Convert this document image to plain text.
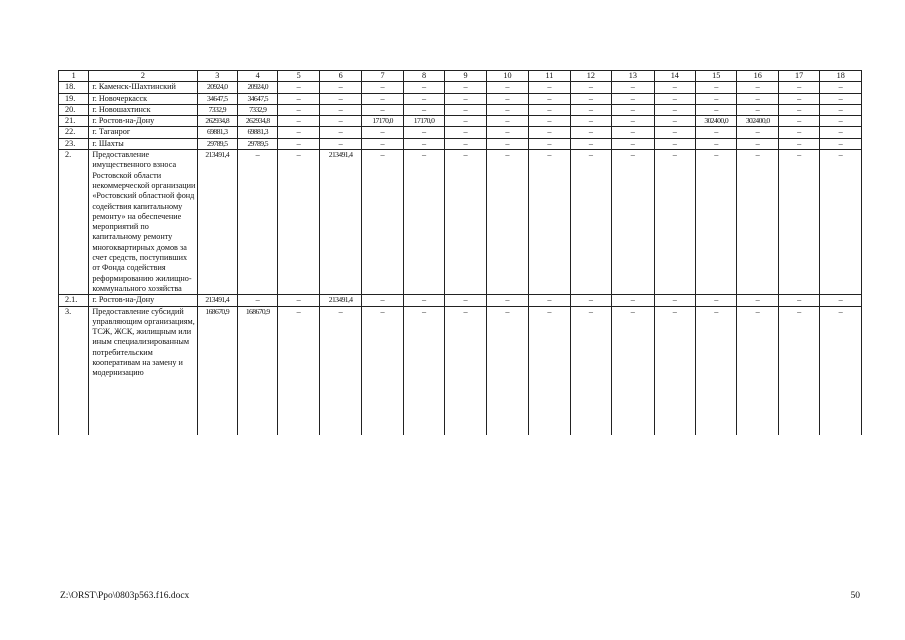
1	2	3	4	5	6	7	8	9	10	11	12	13	14	15	16	17	18
18.	г. Каменск-Шахтинский	20924,0	20924,0	–	–	–	–	–	–	–	–	–	–	–	–	–	–
19.	г. Новочеркасск	34647,5	34647,5	–	–	–	–	–	–	–	–	–	–	–	–	–	–
20.	г. Новошахтинск	7332,9	7332,9	–	–	–	–	–	–	–	–	–	–	–	–	–	–
21.	г. Ростов-на-Дону	262934,8	262934,8	–	–	17170,0	17170,0	–	–	–	–	–	–	302400,0	302400,0	–	–
22.	г. Таганрог	69881,3	69881,3	–	–	–	–	–	–	–	–	–	–	–	–	–	–
23.	г. Шахты	29789,5	29789,5	–	–	–	–	–	–	–	–	–	–	–	–	–	–
2.	Предоставление имущественного взноса Ростовской области некоммерческой организации «Ростовский областной фонд содействия капитальному ремонту» на обеспечение мероприятий по капитальному ремонту многоквартирных домов за счет средств, поступивших от Фонда содействия реформированию жилищно-коммунального хозяйства	213491,4	–	–	213491,4	–	–	–	–	–	–	–	–	–	–	–	–
2.1.	г. Ростов-на-Дону	213491,4	–	–	213491,4	–	–	–	–	–	–	–	–	–	–	–	–
3.	Предоставление субсидий управляющим организациям, ТСЖ, ЖСК, жилищным или иным специализированным потребительским кооперативам на замену и модернизацию	168670,9	168670,9	–	–	–	–	–	–	–	–	–	–	–	–	–	–
Z:\ORST\Ppo\0803p563.f16.docx	50
